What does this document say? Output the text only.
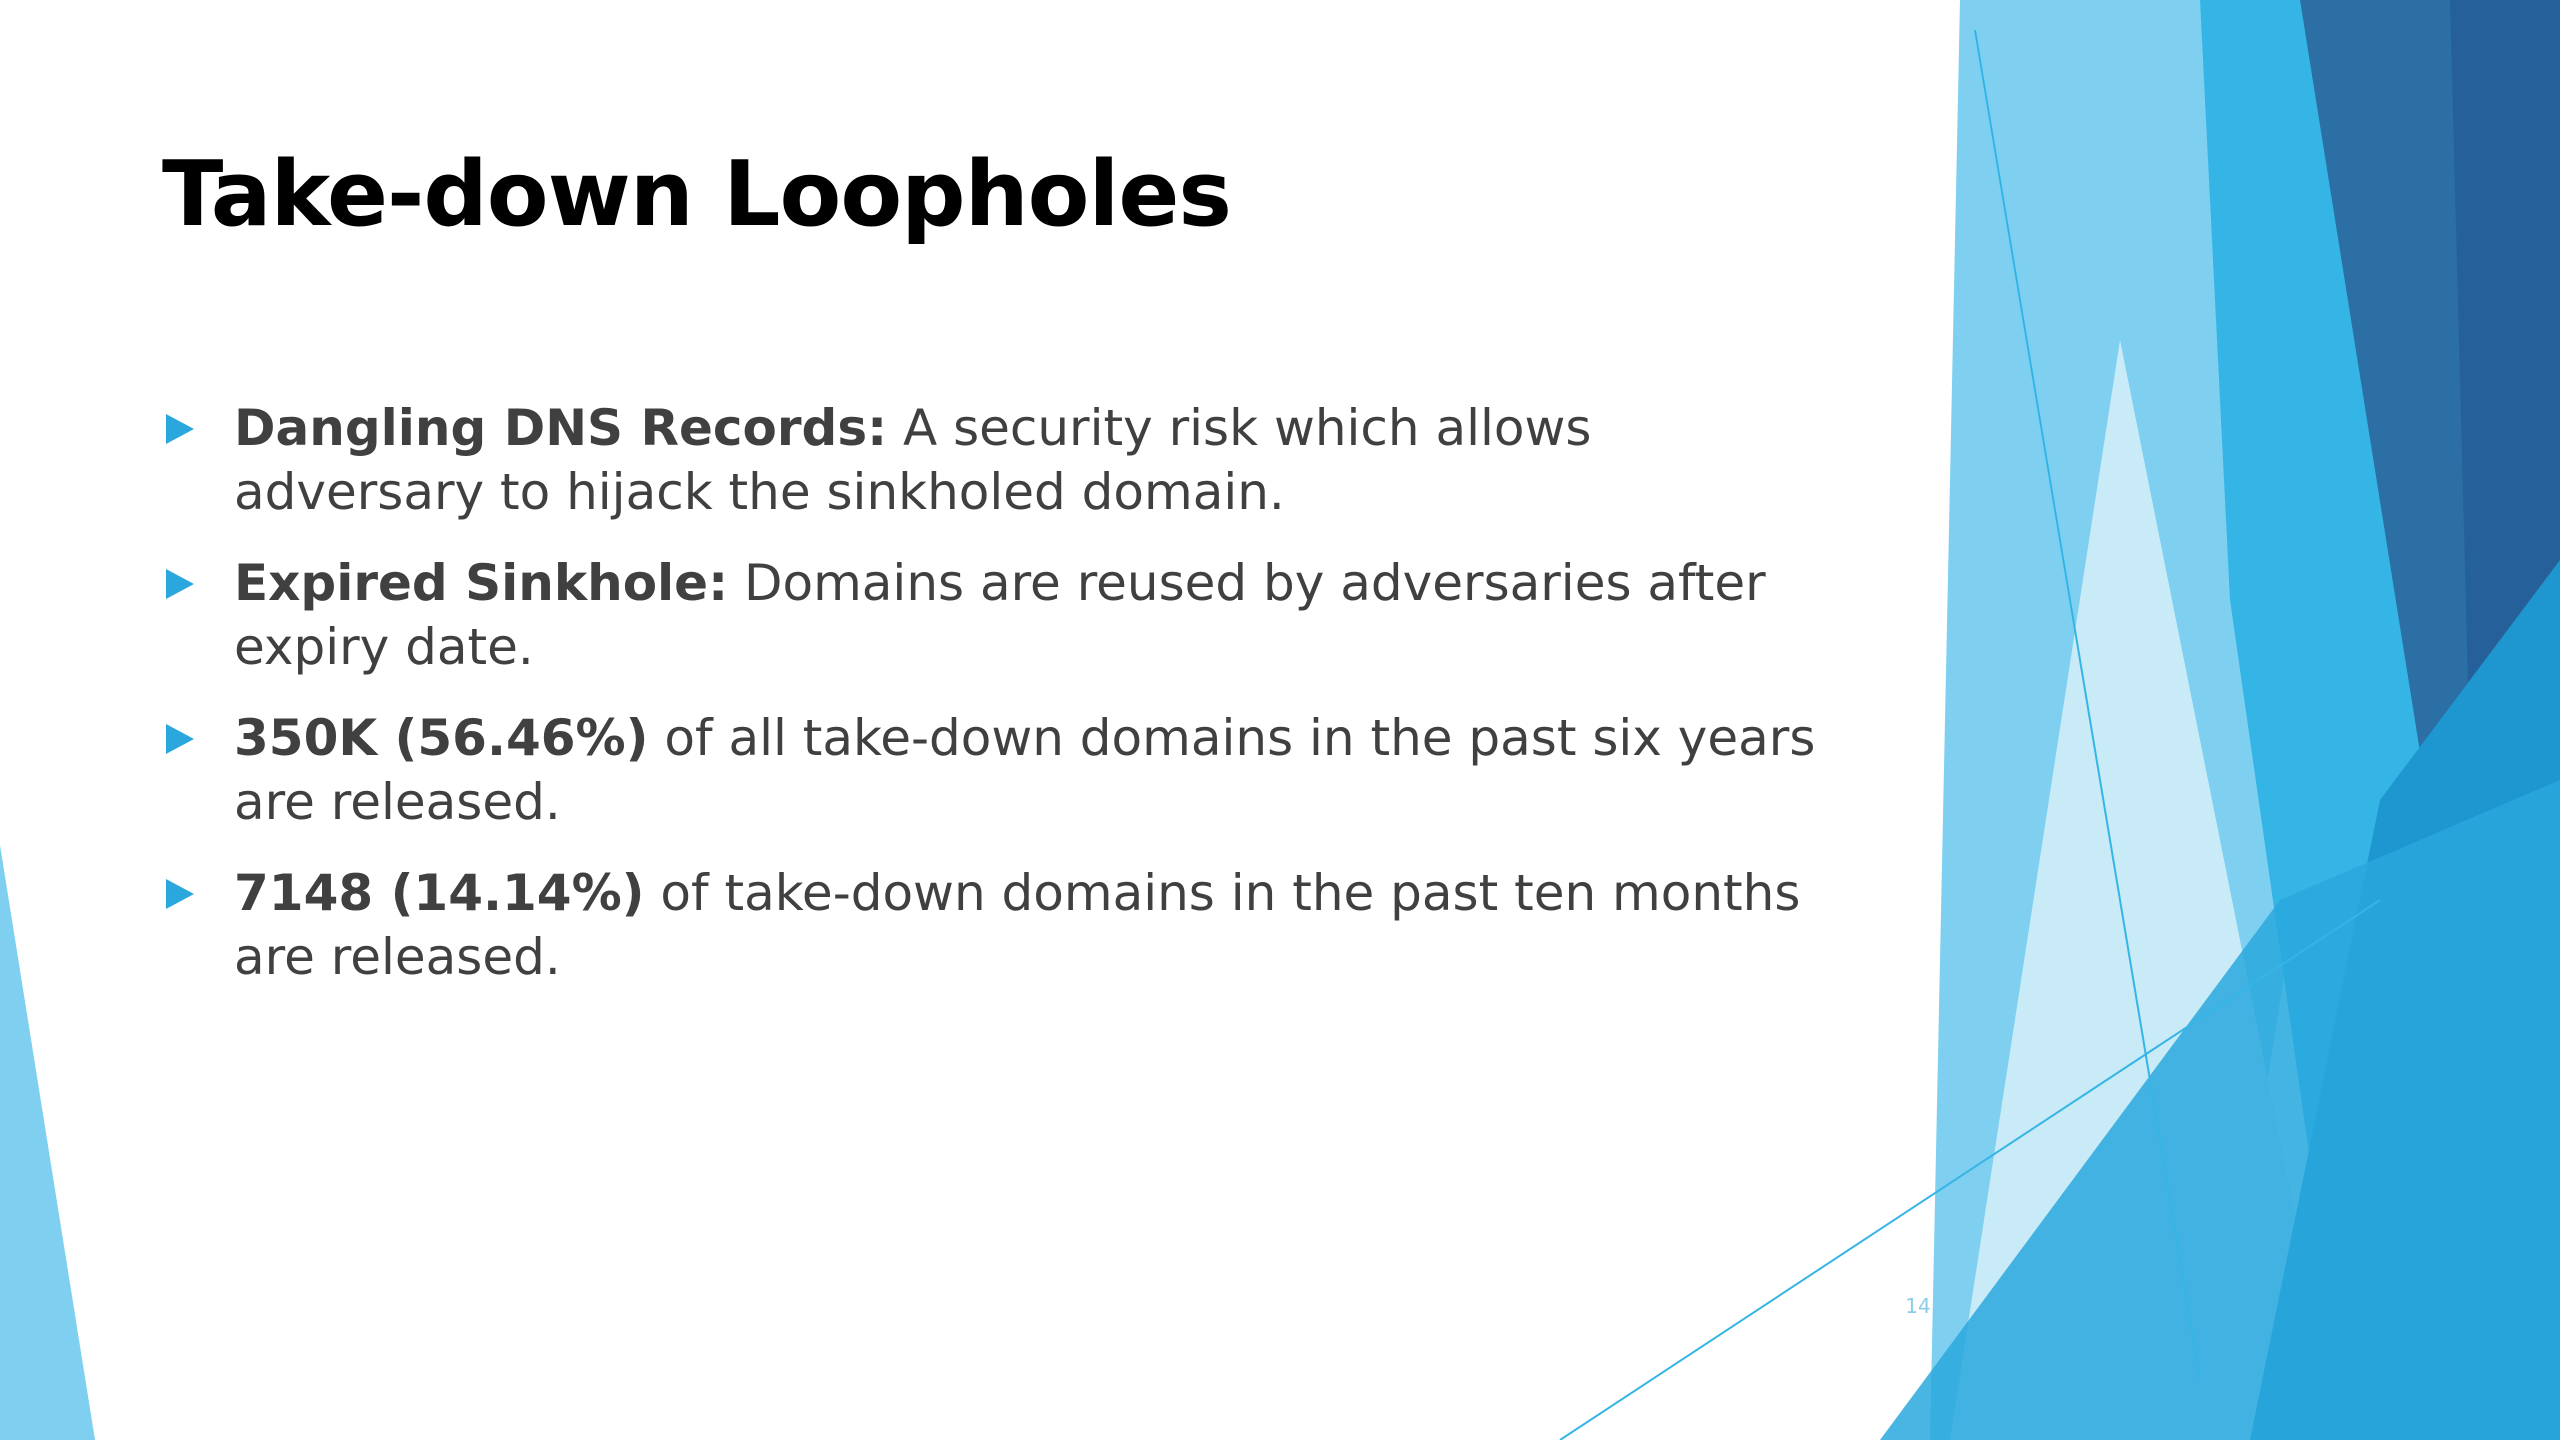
Take-down Loopholes
Dangling DNS Records: A security risk which allows adversary to hijack the sinkholed domain.
Expired Sinkhole: Domains are reused by adversaries after expiry date.
350K (56.46%) of all take-down domains in the past six years are released.
7148 (14.14%) of take-down domains in the past ten months are released.
14
